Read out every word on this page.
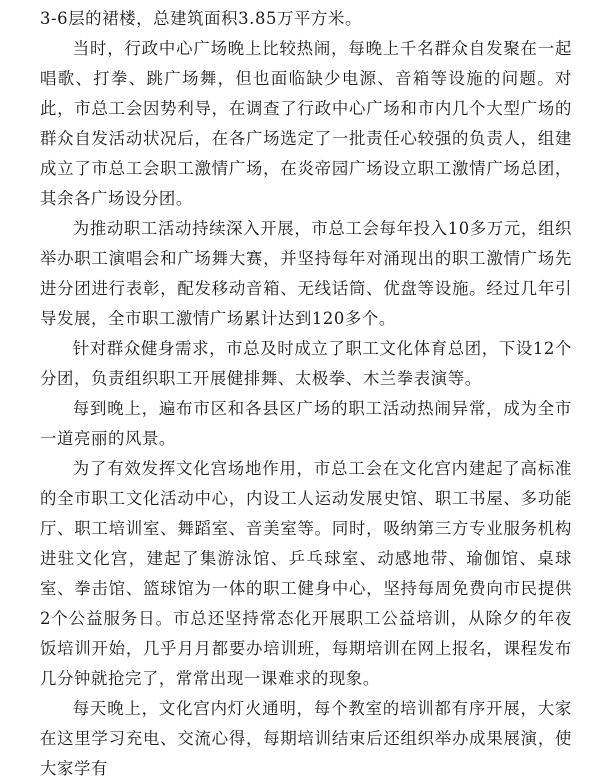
3-6层的裙楼，总建筑面积3.85万平方米。

当时，行政中心广场晚上比较热闹，每晚上千名群众自发聚在一起唱歌、打拳、跳广场舞，但也面临缺少电源、音箱等设施的问题。对此，市总工会因势利导，在调查了行政中心广场和市内几个大型广场的群众自发活动状况后，在各广场选定了一批责任心较强的负责人，组建成立了市总工会职工激情广场，在炎帝园广场设立职工激情广场总团，其余各广场设分团。

为推动职工活动持续深入开展，市总工会每年投入10多万元，组织举办职工演唱会和广场舞大赛，并坚持每年对涌现出的职工激情广场先进分团进行表彰，配发移动音箱、无线话筒、优盘等设施。经过几年引导发展，全市职工激情广场累计达到120多个。

针对群众健身需求，市总及时成立了职工文化体育总团，下设12个分团，负责组织职工开展健排舞、太极拳、木兰拳表演等。

每到晚上，遍布市区和各县区广场的职工活动热闹异常，成为全市一道亮丽的风景。

为了有效发挥文化宫场地作用，市总工会在文化宫内建起了高标准的全市职工文化活动中心，内设工人运动发展史馆、职工书屋、多功能厅、职工培训室、舞蹈室、音美室等。同时，吸纳第三方专业服务机构进驻文化宫，建起了集游泳馆、乒乓球室、动感地带、瑜伽馆、桌球室、拳击馆、篮球馆为一体的职工健身中心，坚持每周免费向市民提供2个公益服务日。市总还坚持常态化开展职工公益培训，从除夕的年夜饭培训开始，几乎月月都要办培训班，每期培训在网上报名，课程发布几分钟就抢完了，常常出现一课难求的现象。

每天晚上，文化宫内灯火通明，每个教室的培训都有序开展，大家在这里学习充电、交流心得，每期培训结束后还组织举办成果展演，使大家学有
